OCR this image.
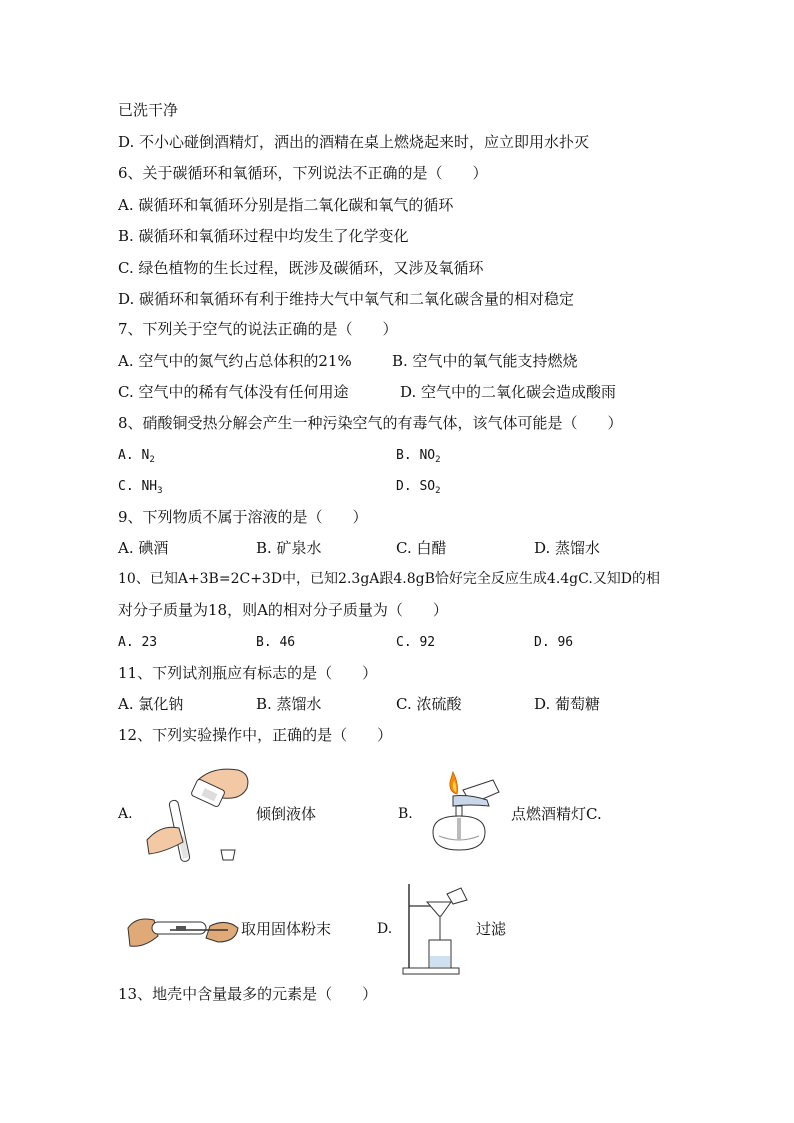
已洗干净
D. 不小心碰倒酒精灯，洒出的酒精在桌上燃烧起来时，应立即用水扑灭
6、关于碳循环和氧循环，下列说法不正确的是（　　）
A. 碳循环和氧循环分别是指二氧化碳和氧气的循环
B. 碳循环和氧循环过程中均发生了化学变化
C. 绿色植物的生长过程，既涉及碳循环，又涉及氧循环
D. 碳循环和氧循环有利于维持大气中氧气和二氧化碳含量的相对稳定
7、下列关于空气的说法正确的是（　　）
A. 空气中的氮气约占总体积的21%	B. 空气中的氧气能支持燃烧
C. 空气中的稀有气体没有任何用途	D. 空气中的二氧化碳会造成酸雨
8、硝酸铜受热分解会产生一种污染空气的有毒气体，该气体可能是（　　）
A. $N_2$	B. $NO_2$
C. $NH_3$	D. $SO_2$
9、下列物质不属于溶液的是（　　）
A. 碘酒	B. 矿泉水	C. 白醋	D. 蒸馏水
10、已知A+3B=2C+3D中，已知2.3gA跟4.8gB恰好完全反应生成4.4gC.又知D的相
对分子质量为18，则A的相对分子质量为（　　）
A. 23	B. 46	C. 92	D. 96
11、下列试剂瓶应有标志的是（　　）
A. 氯化钠	B. 蒸馏水	C. 浓硫酸	D. 葡萄糖
12、下列实验操作中，正确的是（　　）
A.	倾倒液体	B.	点燃酒精灯C.
取用固体粉末	D.	过滤
13、地壳中含量最多的元素是（　　）
